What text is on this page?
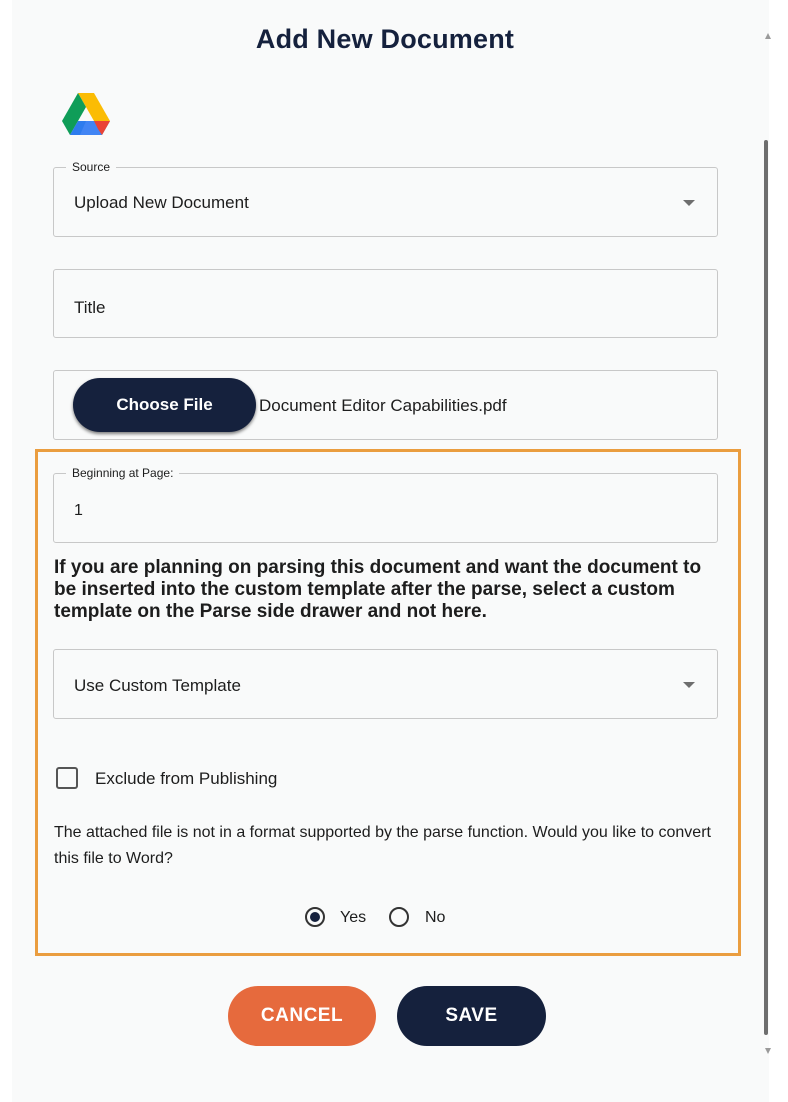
Add New Document
Source
Upload New Document
Title
Choose File	Document Editor Capabilities.pdf
Beginning at Page:
1
If you are planning on parsing this document and want the document to be inserted into the custom template after the parse, select a custom template on the Parse side drawer and not here.
Use Custom Template
Exclude from Publishing
The attached file is not in a format supported by the parse function. Would you like to convert this file to Word?
Yes	No
CANCEL	SAVE
